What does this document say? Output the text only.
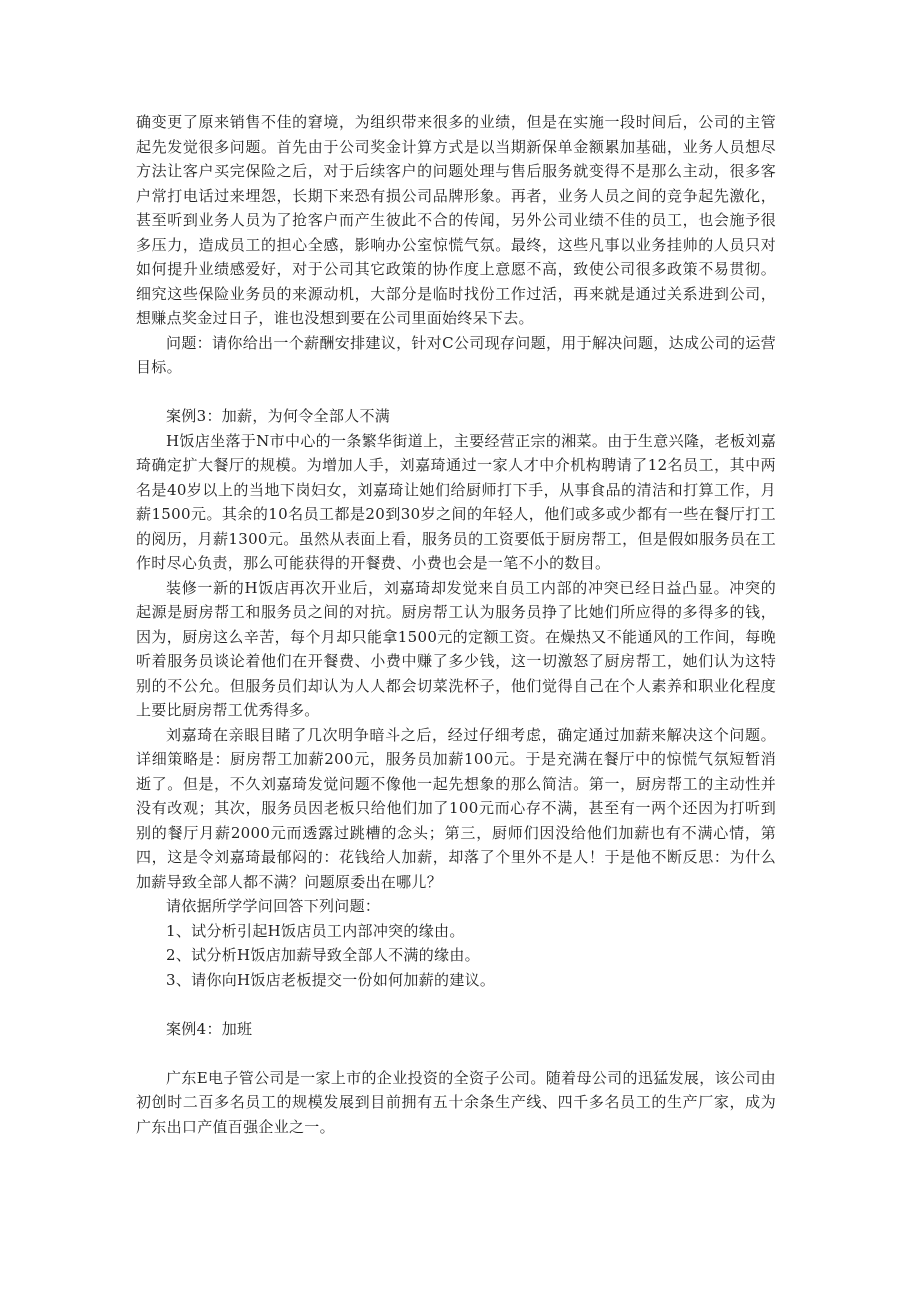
确变更了原来销售不佳的窘境，为组织带来很多的业绩，但是在实施一段时间后，公司的主管起先发觉很多问题。首先由于公司奖金计算方式是以当期新保单金额累加基础，业务人员想尽方法让客户买完保险之后，对于后续客户的问题处理与售后服务就变得不是那么主动，很多客户常打电话过来埋怨，长期下来恐有损公司品牌形象。再者，业务人员之间的竞争起先激化，甚至听到业务人员为了抢客户而产生彼此不合的传闻，另外公司业绩不佳的员工，也会施予很多压力，造成员工的担心全感，影响办公室惊慌气氛。最终，这些凡事以业务挂帅的人员只对如何提升业绩感爱好，对于公司其它政策的协作度上意愿不高，致使公司很多政策不易贯彻。细究这些保险业务员的来源动机，大部分是临时找份工作过活，再来就是通过关系进到公司，想赚点奖金过日子，谁也没想到要在公司里面始终呆下去。

问题：请你给出一个薪酬安排建议，针对C公司现存问题，用于解决问题，达成公司的运营目标。

案例3：加薪，为何令全部人不满

H饭店坐落于N市中心的一条繁华街道上，主要经营正宗的湘菜。由于生意兴隆，老板刘嘉琦确定扩大餐厅的规模。为增加人手，刘嘉琦通过一家人才中介机构聘请了12名员工，其中两名是40岁以上的当地下岗妇女，刘嘉琦让她们给厨师打下手，从事食品的清洁和打算工作，月薪1500元。其余的10名员工都是20到30岁之间的年轻人，他们或多或少都有一些在餐厅打工的阅历，月薪1300元。虽然从表面上看，服务员的工资要低于厨房帮工，但是假如服务员在工作时尽心负责，那么可能获得的开餐费、小费也会是一笔不小的数目。

装修一新的H饭店再次开业后，刘嘉琦却发觉来自员工内部的冲突已经日益凸显。冲突的起源是厨房帮工和服务员之间的对抗。厨房帮工认为服务员挣了比她们所应得的多得多的钱，因为，厨房这么辛苦，每个月却只能拿1500元的定额工资。在燥热又不能通风的工作间，每晚听着服务员谈论着他们在开餐费、小费中赚了多少钱，这一切激怒了厨房帮工，她们认为这特别的不公允。但服务员们却认为人人都会切菜洗杯子，他们觉得自己在个人素养和职业化程度上要比厨房帮工优秀得多。

刘嘉琦在亲眼目睹了几次明争暗斗之后，经过仔细考虑，确定通过加薪来解决这个问题。详细策略是：厨房帮工加薪200元，服务员加薪100元。于是充满在餐厅中的惊慌气氛短暂消逝了。但是，不久刘嘉琦发觉问题不像他一起先想象的那么简洁。第一，厨房帮工的主动性并没有改观；其次，服务员因老板只给他们加了100元而心存不满，甚至有一两个还因为打听到别的餐厅月薪2000元而透露过跳槽的念头；第三，厨师们因没给他们加薪也有不满心情，第四，这是令刘嘉琦最郁闷的：花钱给人加薪，却落了个里外不是人！于是他不断反思：为什么加薪导致全部人都不满？问题原委出在哪儿？

请依据所学学问回答下列问题：

1、试分析引起H饭店员工内部冲突的缘由。

2、试分析H饭店加薪导致全部人不满的缘由。

3、请你向H饭店老板提交一份如何加薪的建议。

案例4：加班

广东E电子管公司是一家上市的企业投资的全资子公司。随着母公司的迅猛发展，该公司由初创时二百多名员工的规模发展到目前拥有五十余条生产线、四千多名员工的生产厂家，成为广东出口产值百强企业之一。
